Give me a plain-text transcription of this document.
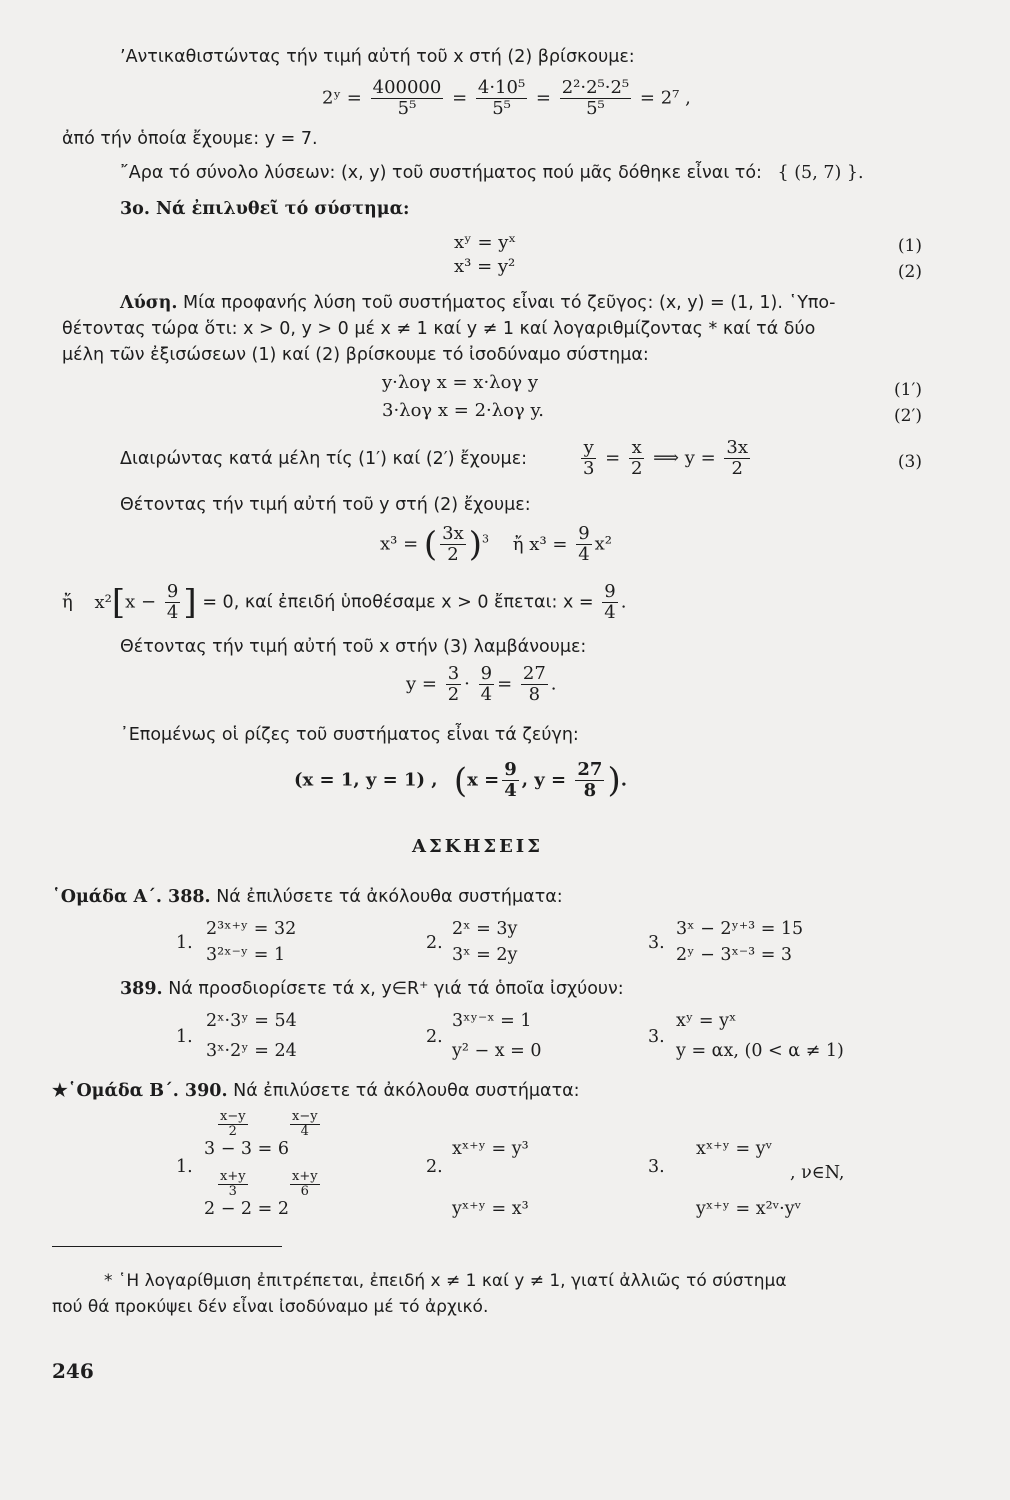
’Αντικαθιστώντας τήν τιμή αὐτή τοῦ x στή (2) βρίσκουμε:
2ʸ = $\frac{400000}{\text{5⁵}} = \frac{\text{4·10⁵}}{\text{5⁵}} = \frac{\text{2²·2⁵·2⁵}}{\text{5⁵}} = 2^7$ ,
ἀπό τήν ὁποία ἔχουμε: y = 7.
῎Αρα τό σύνολο λύσεων: (x, y) τοῦ συστήματος πού μᾶς δόθηκε εἶναι τό: { (5, 7) }.
3ο. Νά ἐπιλυθεῖ τό σύστημα:
xʸ = yˣ	(1)
x³ = y²	(2)
Λύση. Μία προφανής λύση τοῦ συστήματος εἶναι τό ζεῦγος: (x, y) = (1, 1). ῾Υπο-
θέτοντας τώρα ὅτι: x > 0, y > 0 μέ x ≠ 1 καί y ≠ 1 καί λογαριθμίζοντας * καί τά δύο
μέλη τῶν ἐξισώσεων (1) καί (2) βρίσκουμε τό ἰσοδύναμο σύστημα:
y·λογ x = x·λογ y	(1′)
3·λογ x = 2·λογ y.	(2′)
Διαιρώντας κατά μέλη τίς (1′) καί (2′) ἔχουμε:	$\frac{y}{3} = \frac{x}{2}$ ⟹ $y = \frac{3x}{2}$	(3)
Θέτοντας τήν τιμή αὐτή τοῦ y στή (2) ἔχουμε:
x³ = ( $\frac{3x}{2} )^3$ ἤ $x^3 = \frac{9}{4} x^2$
ἤ $x^2[x - \frac{9}{4}$ ] = 0, καί ἐπειδή ὑποθέσαμε x > 0 ἔπεται: $x = \frac{9}{4}$ .
Θέτοντας τήν τιμή αὐτή τοῦ x στήν (3) λαμβάνουμε:
$y = \frac{3}{2} \cdot \frac{9}{4} = \frac{27}{8}$ .
᾿Επομένως οἱ ρίζες τοῦ συστήματος εἶναι τά ζεύγη:
(x = 1, y = 1) , ($x = \frac{9}{4}$ , $y = \frac{27}{8}$ ).
ΑΣΚΗΣΕΙΣ
῾Ομάδα Α΄. 388. Νά ἐπιλύσετε τά ἀκόλουθα συστήματα:
1.
2³ˣ⁺ʸ = 32
3²ˣ⁻ʸ = 1
2.
2ˣ = 3y
3ˣ = 2y
3.
3ˣ − 2ʸ⁺³ = 15
2ʸ − 3ˣ⁻³ = 3
389. Νά προσδιορίσετε τά x, y∈R⁺ γιά τά ὁποῖα ἰσχύουν:
1.
2ˣ·3ʸ = 54
3ˣ·2ʸ = 24
2.
3ˣʸ⁻ˣ = 1
y² − x = 0
3.
xʸ = yˣ
y = αx, (0 < α ≠ 1)
★῾Ομάδα Β΄. 390. Νά ἐπιλύσετε τά ἀκόλουθα συστήματα:
1.
$\frac{x-y}{2}$	$\frac{x-y}{4}$
3 − 3 = 6
$\frac{x+y}{3}$	$\frac{x+y}{6}$
2 − 2 = 2
2.
xˣ⁺ʸ = y³
yˣ⁺ʸ = x³
3.
xˣ⁺ʸ = yᵛ
yˣ⁺ʸ = x²ᵛ·yᵛ
, ν∈N,
* ῾Η λογαρίθμιση ἐπιτρέπεται, ἐπειδή x ≠ 1 καί y ≠ 1, γιατί ἀλλιῶς τό σύστημα
πού θά προκύψει δέν εἶναι ἰσοδύναμο μέ τό ἀρχικό.
246
